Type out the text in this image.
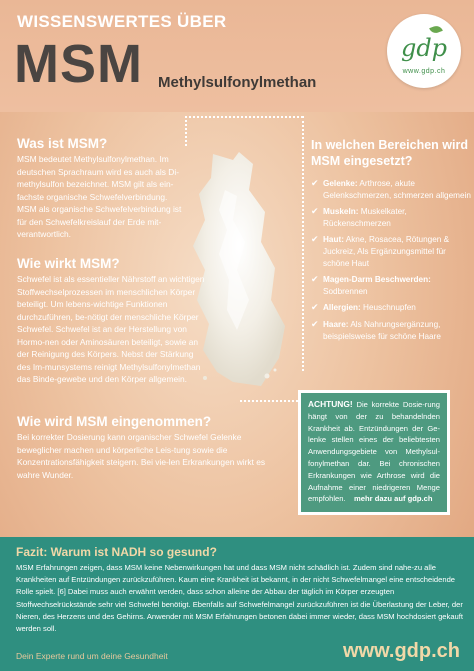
WISSENSWERTES ÜBER
MSM Methylsulfonylmethan
gdp
www.gdp.ch
Was ist MSM?

MSM bedeutet Methylsulfonylmethan. Im deutschen Sprachraum wird es auch als Di-methylsulfon bezeichnet. MSM gilt als ein-fachste organische Schwefelverbindung. MSM als organische Schwefelverbindung ist für den Schwefelkreislauf der Erde mit-verantwortlich.

Wie wirkt MSM?

Schwefel ist als essentieller Nährstoff an wichtigen Stoffwechselprozessen im menschlichen Körper beteiligt. Um lebens-wichtige Funktionen durchzuführen, be-nötigt der menschliche Körper Schwefel. Schwefel ist an der Herstellung von Hormo-nen oder Aminosäuren beteiligt, sowie an der Reinigung des Körpers. Nebst der Stärkung des Im-munsystems reinigt Methylsulfonylmethan das Binde-gewebe und den Körper allgemein.

Wie wird MSM eingenommen?

Bei korrekter Dosierung kann organischer Schwefel Gelenke beweglicher machen und körperliche Leis-tung sowie die Konzentrationsfähigkeit steigern. Bei vie-len Erkrankungen wirkt es wahre Wunder.

In welchen Bereichen wird MSM eingesetzt?
✔ Gelenke: Arthrose, akute Gelenkschmerzen, schmerzen allgemein
✔ Muskeln: Muskelkater, Rückenschmerzen
✔ Haut: Akne, Rosacea, Rötungen & Juckreiz, Als Ergänzungsmittel für schöne Haut
✔ Magen-Darm Beschwerden: Sodbrennen
✔ Allergien: Heuschnupfen
✔ Haare: Als Nahrungsergänzung, beispielsweise für schöne Haare

ACHTUNG! Die korrekte Dosie-rung hängt von der zu behandelnden Krankheit ab. Entzündungen der Ge-lenke stellen eines der beliebtesten Anwendungsgebiete von Methylsul-fonylmethan dar. Bei chronischen Erkrankungen wie Arthrose wird die Aufnahme einer niedrigeren Menge empfohlen. mehr dazu auf gdp.ch

Fazit: Warum ist NADH so gesund?

MSM Erfahrungen zeigen, dass MSM keine Nebenwirkungen hat und dass MSM nicht schädlich ist. Zudem sind nahe-zu alle Krankheiten auf Entzündungen zurückzuführen. Kaum eine Krankheit ist bekannt, in der nicht Schwefelmangel eine entscheidende Rolle spielt. [6] Dabei muss auch erwähnt werden, dass schon alleine der Abbau der täglich im Körper erzeugten Stoffwechselrückstände sehr viel Schwefel benötigt. Ebenfalls auf Schwefelmangel zurückzuführen ist die Überlastung der Leber, der Nieren, des Herzens und des Gehirns. Anwender mit MSM Erfahrungen betonen dabei immer wieder, dass MSM hochdosiert gekauft werden soll.

Dein Experte rund um deine Gesundheit	www.gdp.ch
